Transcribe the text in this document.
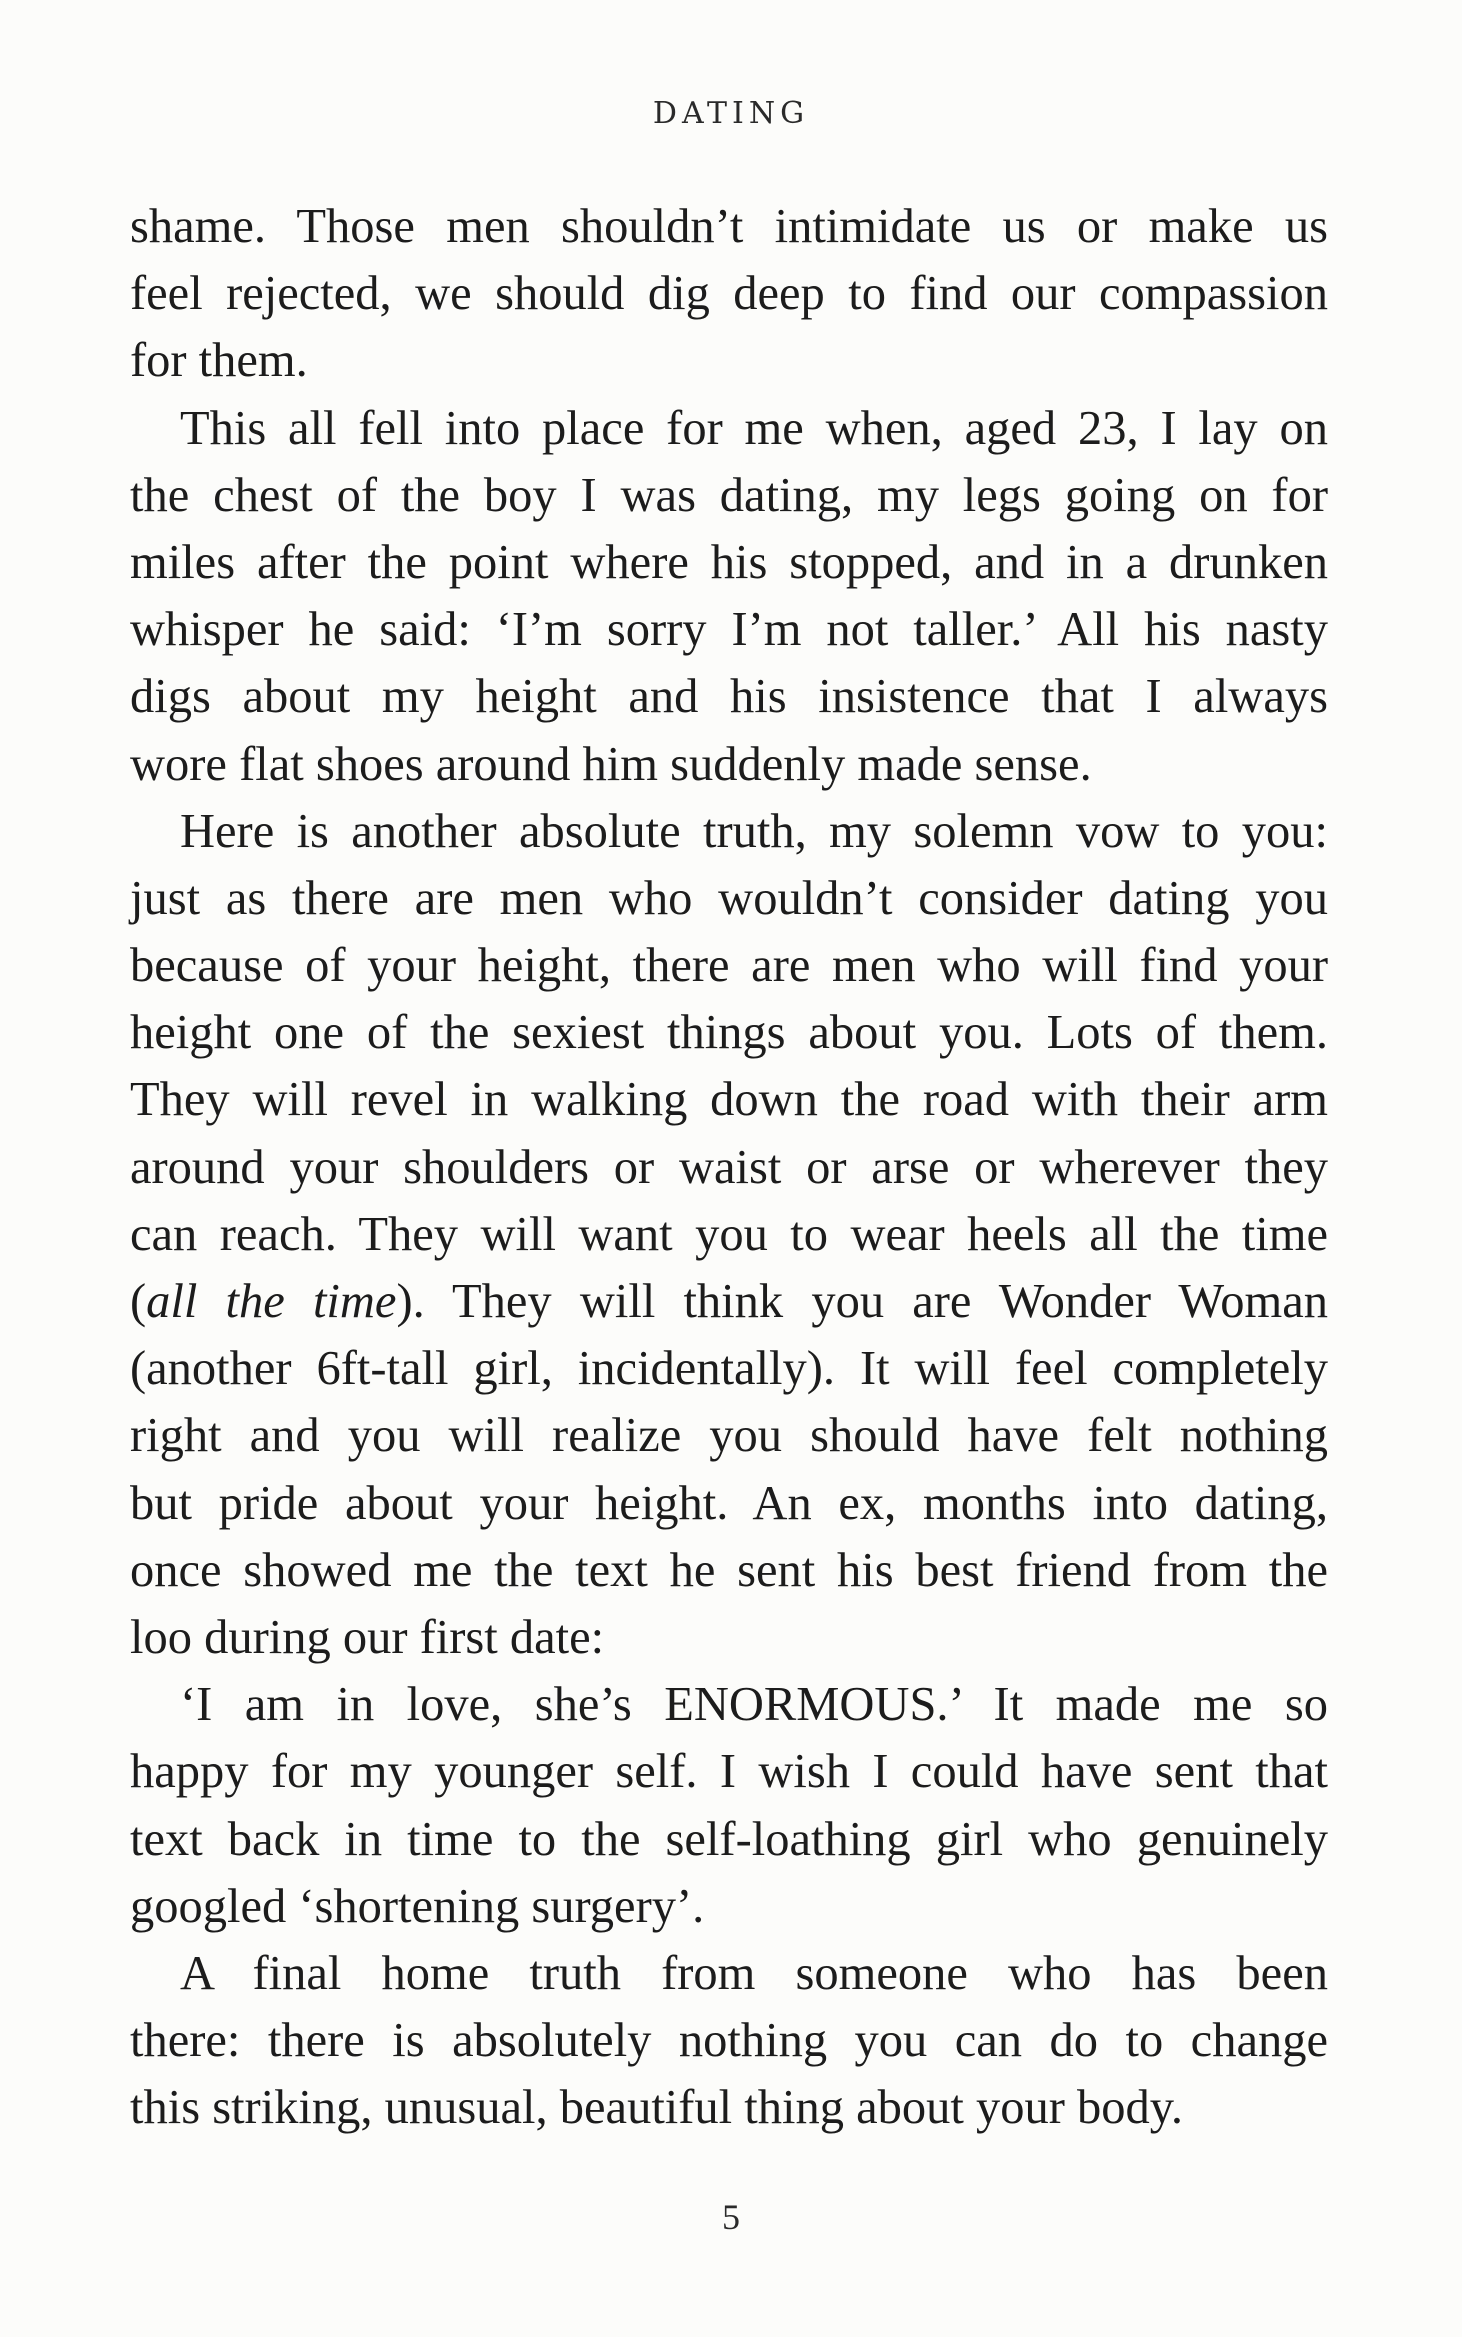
DATING

shame. Those men shouldn’t intimidate us or make us
feel rejected, we should dig deep to find our compassion
for them.

This all fell into place for me when, aged 23, I lay on
the chest of the boy I was dating, my legs going on for
miles after the point where his stopped, and in a drunken
whisper he said: ‘I’m sorry I’m not taller.’ All his nasty
digs about my height and his insistence that I always
wore flat shoes around him suddenly made sense.

Here is another absolute truth, my solemn vow to you:
just as there are men who wouldn’t consider dating you
because of your height, there are men who will find your
height one of the sexiest things about you. Lots of them.
They will revel in walking down the road with their arm
around your shoulders or waist or arse or wherever they
can reach. They will want you to wear heels all the time
(all the time). They will think you are Wonder Woman
(another 6ft-tall girl, incidentally). It will feel completely
right and you will realize you should have felt nothing
but pride about your height. An ex, months into dating,
once showed me the text he sent his best friend from the
loo during our first date:

‘I am in love, she’s ENORMOUS.’ It made me so
happy for my younger self. I wish I could have sent that
text back in time to the self-loathing girl who genuinely
googled ‘shortening surgery’.

A final home truth from someone who has been
there: there is absolutely nothing you can do to change
this striking, unusual, beautiful thing about your body.

5
